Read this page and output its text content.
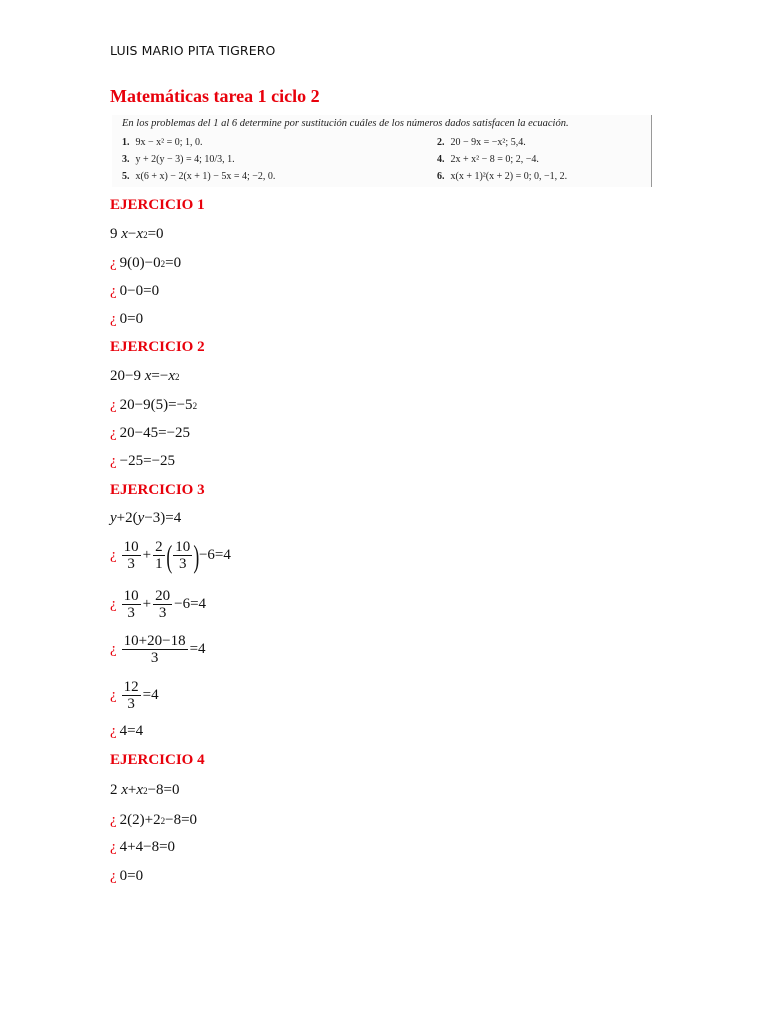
LUIS MARIO PITA TIGRERO
Matemáticas tarea 1 ciclo 2
En los problemas del 1 al 6 determine por sustitución cuáles de los números dados satisfacen la ecuación.
1. 9x − x² = 0; 1, 0.	2. 20 − 9x = −x²; 5,4.
3. y + 2(y − 3) = 4; 10/3, 1.	4. 2x + x² − 8 = 0; 2, −4.
5. x(6 + x) − 2(x + 1) − 5x = 4; −2, 0.	6. x(x + 1)²(x + 2) = 0; 0, −1, 2.
EJERCICIO 1
9 x − x 2 =0
¿ 9 ( 0 ) −0 2 =0
¿ 0−0=0
¿ 0=0
EJERCICIO 2
20−9 x =− x 2
¿ 20−9 ( 5 ) =−5 2
¿ 20−45=−25
¿ −25=−25
EJERCICIO 3
y +2 ( y −3 ) =4
¿ $\frac{10}{3} + \frac{2}{1}$ ( $\frac{10}{3}$ ) −6=4
¿ $\frac{10}{3} + \frac{20}{3} -6=4$
¿ $\frac{10+20-18}{3} =4$
¿ $\frac{12}{3} =4$
¿ 4=4
EJERCICIO 4
2 x + x 2 −8=0
¿ 2 ( 2 ) +2 2 −8=0
¿ 4+4−8=0
¿ 0=0
